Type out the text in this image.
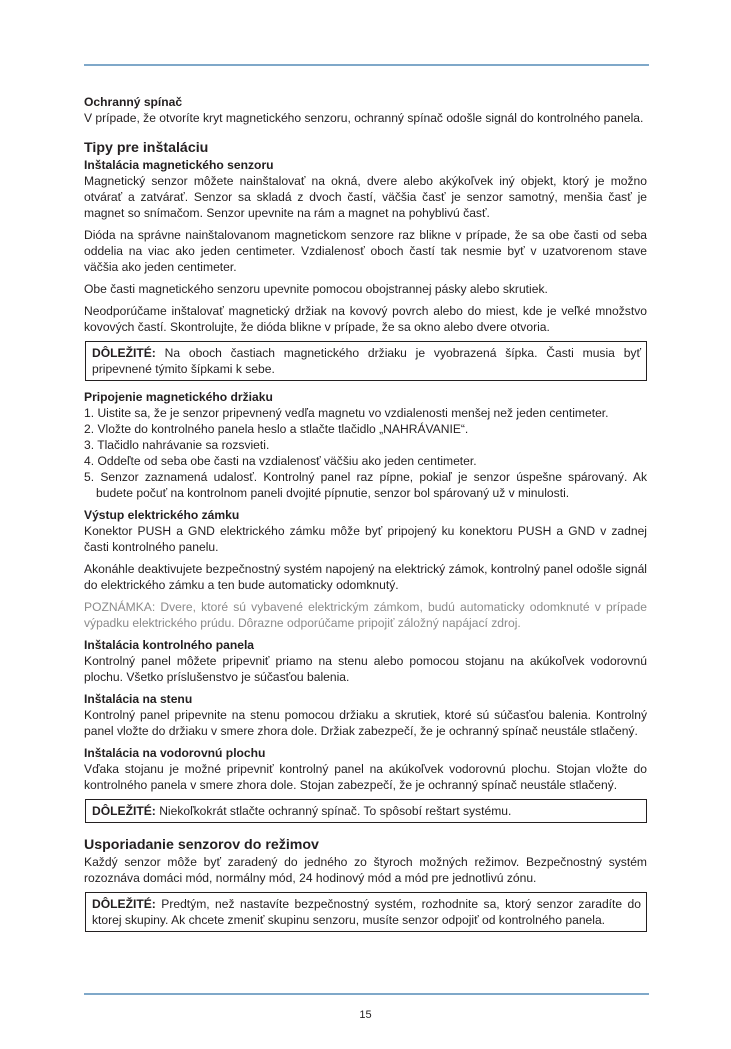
Ochranný spínač

V prípade, že otvoríte kryt magnetického senzoru, ochranný spínač odošle signál do kontrolného panela.

Tipy pre inštaláciu
Inštalácia magnetického senzoru

Magnetický senzor môžete nainštalovať na okná, dvere alebo akýkoľvek iný objekt, ktorý je možno otvárať a zatvárať. Senzor sa skladá z dvoch častí, väčšia časť je senzor samotný, menšia časť je magnet so snímačom. Senzor upevnite na rám a magnet na pohyblivú časť.

Dióda na správne nainštalovanom magnetickom senzore raz blikne v prípade, že sa obe časti od seba oddelia na viac ako jeden centimeter. Vzdialenosť oboch častí tak nesmie byť v uzatvorenom stave väčšia ako jeden centimeter.

Obe časti magnetického senzoru upevnite pomocou obojstrannej pásky alebo skrutiek.

Neodporúčame inštalovať magnetický držiak na kovový povrch alebo do miest, kde je veľké množstvo kovových častí. Skontrolujte, že dióda blikne v prípade, že sa okno alebo dvere otvoria.

DÔLEŽITÉ: Na oboch častiach magnetického držiaku je vyobrazená šípka. Časti musia byť pripevnené týmito šípkami k sebe.

Pripojenie magnetického držiaku
1. Uistite sa, že je senzor pripevnený vedľa magnetu vo vzdialenosti menšej než jeden centimeter.
2. Vložte do kontrolného panela heslo a stlačte tlačidlo „NAHRÁVANIE“.
3. Tlačidlo nahrávanie sa rozsvieti.
4. Oddeľte od seba obe časti na vzdialenosť väčšiu ako jeden centimeter.
5. Senzor zaznamená udalosť. Kontrolný panel raz pípne, pokiaľ je senzor úspešne spárovaný. Ak budete počuť na kontrolnom paneli dvojité pípnutie, senzor bol spárovaný už v minulosti.
Výstup elektrického zámku

Konektor PUSH a GND elektrického zámku môže byť pripojený ku konektoru PUSH a GND v zadnej časti kontrolného panelu.

Akonáhle deaktivujete bezpečnostný systém napojený na elektrický zámok, kontrolný panel odošle signál do elektrického zámku a ten bude automaticky odomknutý.

POZNÁMKA: Dvere, ktoré sú vybavené elektrickým zámkom, budú automaticky odomknuté v prípade výpadku elektrického prúdu. Dôrazne odporúčame pripojiť záložný napájací zdroj.

Inštalácia kontrolného panela

Kontrolný panel môžete pripevniť priamo na stenu alebo pomocou stojanu na akúkoľvek vodorovnú plochu. Všetko príslušenstvo je súčasťou balenia.

Inštalácia na stenu

Kontrolný panel pripevnite na stenu pomocou držiaku a skrutiek, ktoré sú súčasťou balenia. Kontrolný panel vložte do držiaku v smere zhora dole. Držiak zabezpečí, že je ochranný spínač neustále stlačený.

Inštalácia na vodorovnú plochu

Vďaka stojanu je možné pripevniť kontrolný panel na akúkoľvek vodorovnú plochu. Stojan vložte do kontrolného panela v smere zhora dole. Stojan zabezpečí, že je ochranný spínač neustále stlačený.

DÔLEŽITÉ: Niekoľkokrát stlačte ochranný spínač. To spôsobí reštart systému.

Usporiadanie senzorov do režimov

Každý senzor môže byť zaradený do jedného zo štyroch možných režimov. Bezpečnostný systém rozoznáva domáci mód, normálny mód, 24 hodinový mód a mód pre jednotlivú zónu.

DÔLEŽITÉ: Predtým, než nastavíte bezpečnostný systém, rozhodnite sa, ktorý senzor zaradíte do ktorej skupiny. Ak chcete zmeniť skupinu senzoru, musíte senzor odpojiť od kontrolného panela.

15
